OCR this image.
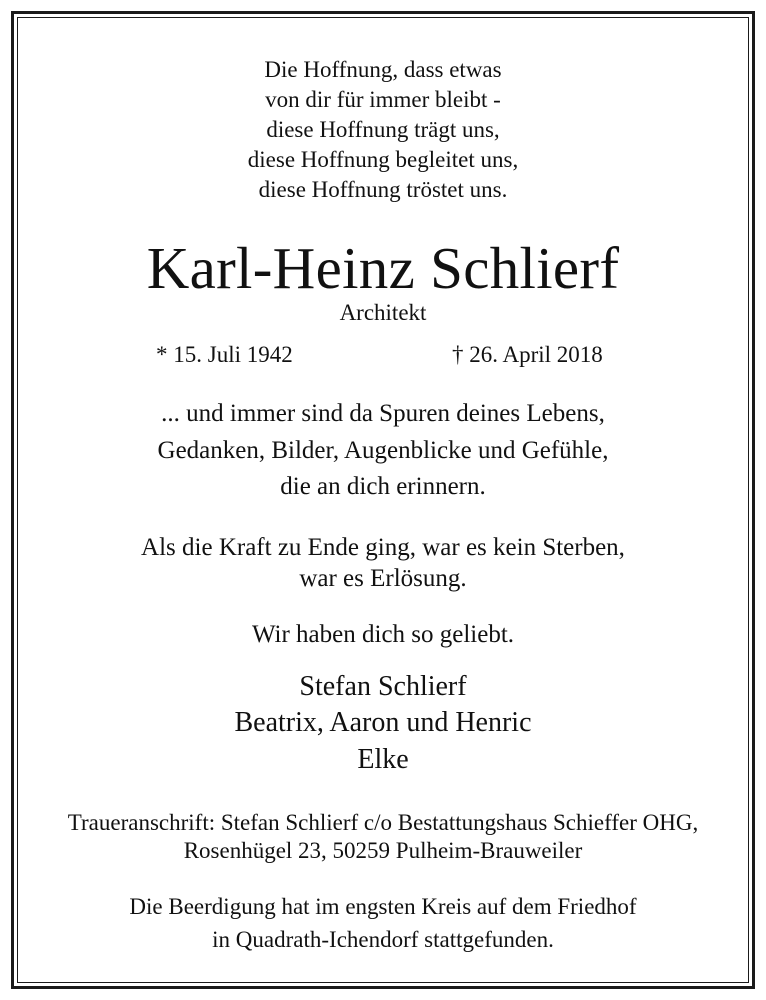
Die Hoffnung, dass etwas
von dir für immer bleibt -
diese Hoffnung trägt uns,
diese Hoffnung begleitet uns,
diese Hoffnung tröstet uns.
Karl-Heinz Schlierf
Architekt
* 15. Juli 1942	† 26. April 2018
... und immer sind da Spuren deines Lebens,
Gedanken, Bilder, Augenblicke und Gefühle,
die an dich erinnern.
Als die Kraft zu Ende ging, war es kein Sterben,
war es Erlösung.
Wir haben dich so geliebt.
Stefan Schlierf
Beatrix, Aaron und Henric
Elke
Traueranschrift: Stefan Schlierf c/o Bestattungshaus Schieffer OHG,
Rosenhügel 23, 50259 Pulheim-Brauweiler
Die Beerdigung hat im engsten Kreis auf dem Friedhof
in Quadrath-Ichendorf stattgefunden.
